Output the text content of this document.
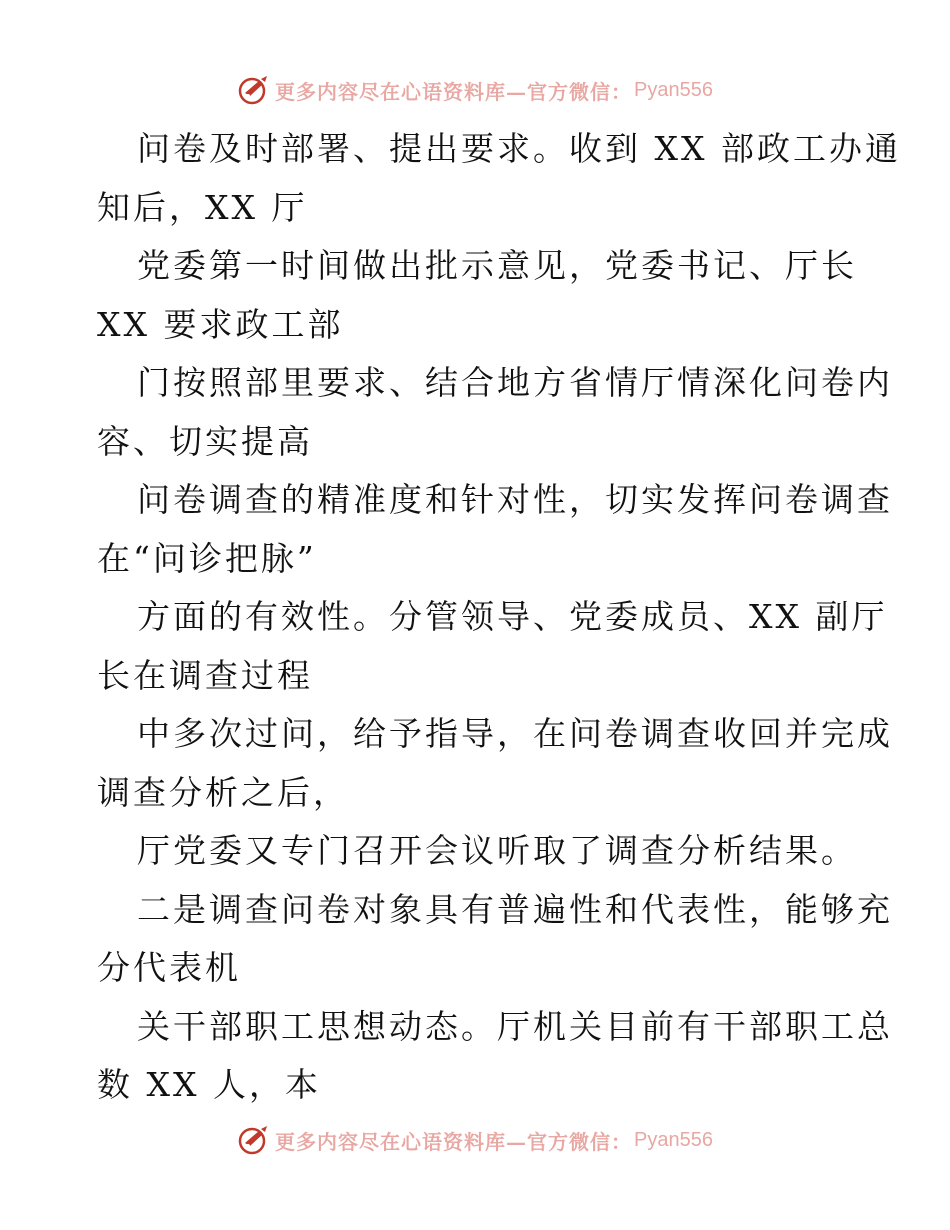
更多内容尽在心语资料库—官方微信： Pyan556

问卷及时部署、提出要求。收到 XX 部政工办通

知后，XX 厅

党委第一时间做出批示意见，党委书记、厅长

XX 要求政工部

门按照部里要求、结合地方省情厅情深化问卷内

容、切实提高

问卷调查的精准度和针对性，切实发挥问卷调查

在“问诊把脉”

方面的有效性。分管领导、党委成员、XX 副厅

长在调查过程

中多次过问，给予指导，在问卷调查收回并完成

调查分析之后，

厅党委又专门召开会议听取了调查分析结果。

二是调查问卷对象具有普遍性和代表性，能够充

分代表机

关干部职工思想动态。厅机关目前有干部职工总

数 XX 人，本

更多内容尽在心语资料库—官方微信： Pyan556
